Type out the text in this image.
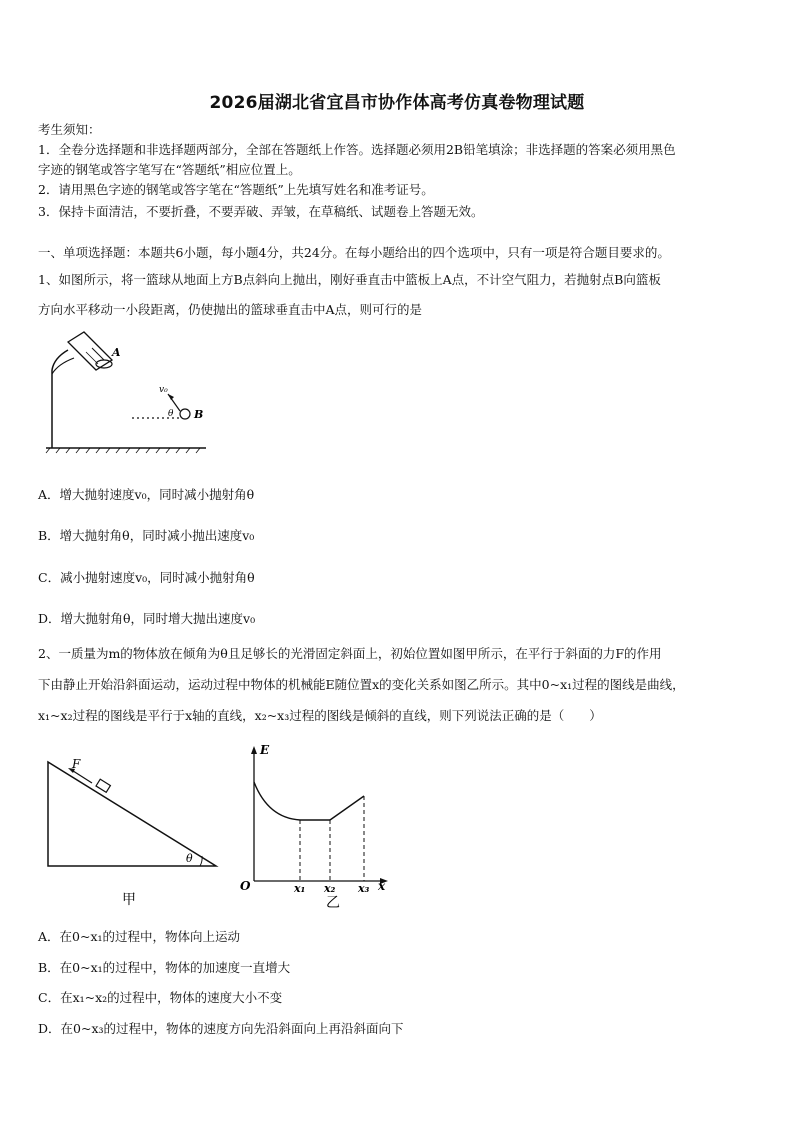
2026届湖北省宜昌市协作体高考仿真卷物理试题
考生须知：
1．全卷分选择题和非选择题两部分，全部在答题纸上作答。选择题必须用2B铅笔填涂；非选择题的答案必须用黑色
字迹的钢笔或答字笔写在“答题纸”相应位置上。
2．请用黑色字迹的钢笔或答字笔在“答题纸”上先填写姓名和准考证号。
3．保持卡面清洁，不要折叠，不要弄破、弄皱，在草稿纸、试题卷上答题无效。
一、单项选择题：本题共6小题，每小题4分，共24分。在每小题给出的四个选项中，只有一项是符合题目要求的。
1、如图所示，将一篮球从地面上方B点斜向上抛出，刚好垂直击中篮板上A点，不计空气阻力，若抛射点B向篮板
方向水平移动一小段距离，仍使抛出的篮球垂直击中A点，则可行的是
v₀
θ B
A
A．增大抛射速度v₀，同时减小抛射角θ
B．增大抛射角θ，同时减小抛出速度v₀
C．减小抛射速度v₀，同时减小抛射角θ
D．增大抛射角θ，同时增大抛出速度v₀
2、一质量为m的物体放在倾角为θ且足够长的光滑固定斜面上，初始位置如图甲所示，在平行于斜面的力F的作用
下由静止开始沿斜面运动，运动过程中物体的机械能E随位置x的变化关系如图乙所示。其中0~x₁过程的图线是曲线，
x₁~x₂过程的图线是平行于x轴的直线，x₂~x₃过程的图线是倾斜的直线，则下列说法正确的是（　　）
F
θ
甲
E
O	x₁ x₂ x₃ x
乙
A．在0~x₁的过程中，物体向上运动
B．在0~x₁的过程中，物体的加速度一直增大
C．在x₁~x₂的过程中，物体的速度大小不变
D．在0~x₃的过程中，物体的速度方向先沿斜面向上再沿斜面向下
